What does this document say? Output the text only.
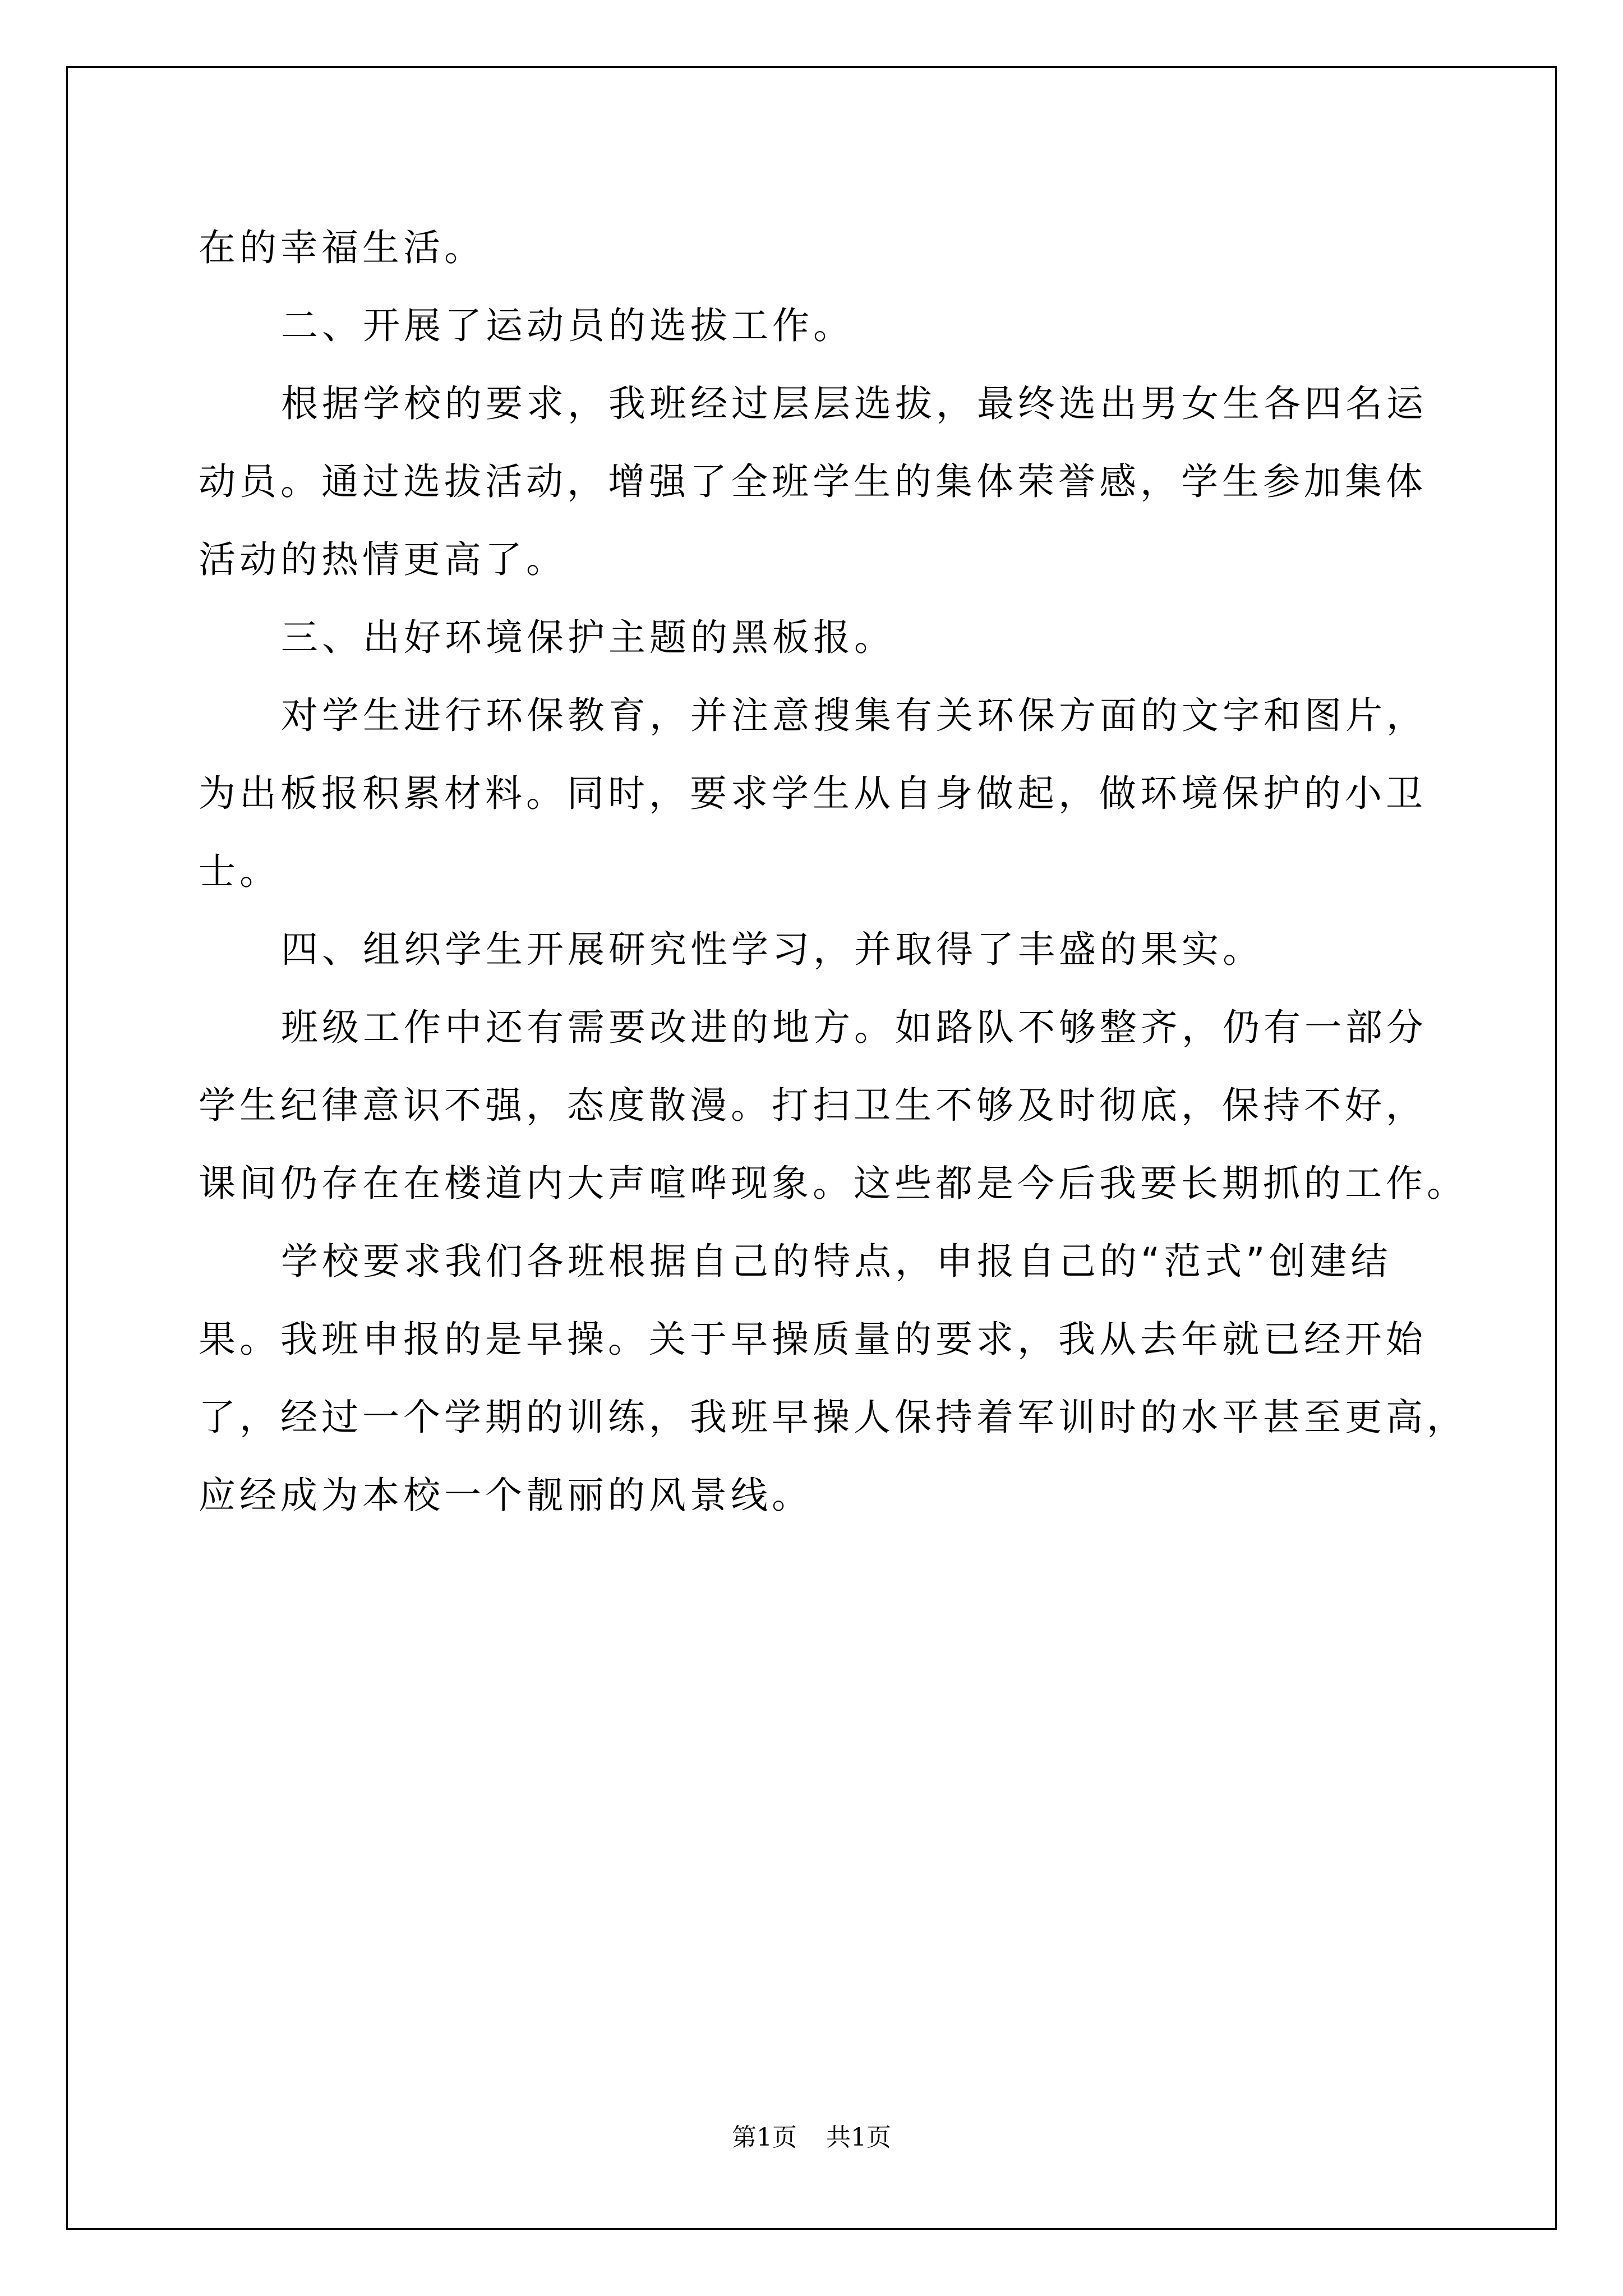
在的幸福生活。
二、开展了运动员的选拔工作。
根据学校的要求，我班经过层层选拔，最终选出男女生各四名运
动员。通过选拔活动，增强了全班学生的集体荣誉感，学生参加集体
活动的热情更高了。
三、出好环境保护主题的黑板报。
对学生进行环保教育，并注意搜集有关环保方面的文字和图片，
为出板报积累材料。同时，要求学生从自身做起，做环境保护的小卫
士。
四、组织学生开展研究性学习，并取得了丰盛的果实。
班级工作中还有需要改进的地方。如路队不够整齐，仍有一部分
学生纪律意识不强，态度散漫。打扫卫生不够及时彻底，保持不好，
课间仍存在在楼道内大声喧哗现象。这些都是今后我要长期抓的工作。
学校要求我们各班根据自己的特点，申报自己的“范式”创建结
果。我班申报的是早操。关于早操质量的要求，我从去年就已经开始
了，经过一个学期的训练，我班早操人保持着军训时的水平甚至更高，
应经成为本校一个靓丽的风景线。
第1页 共1页
